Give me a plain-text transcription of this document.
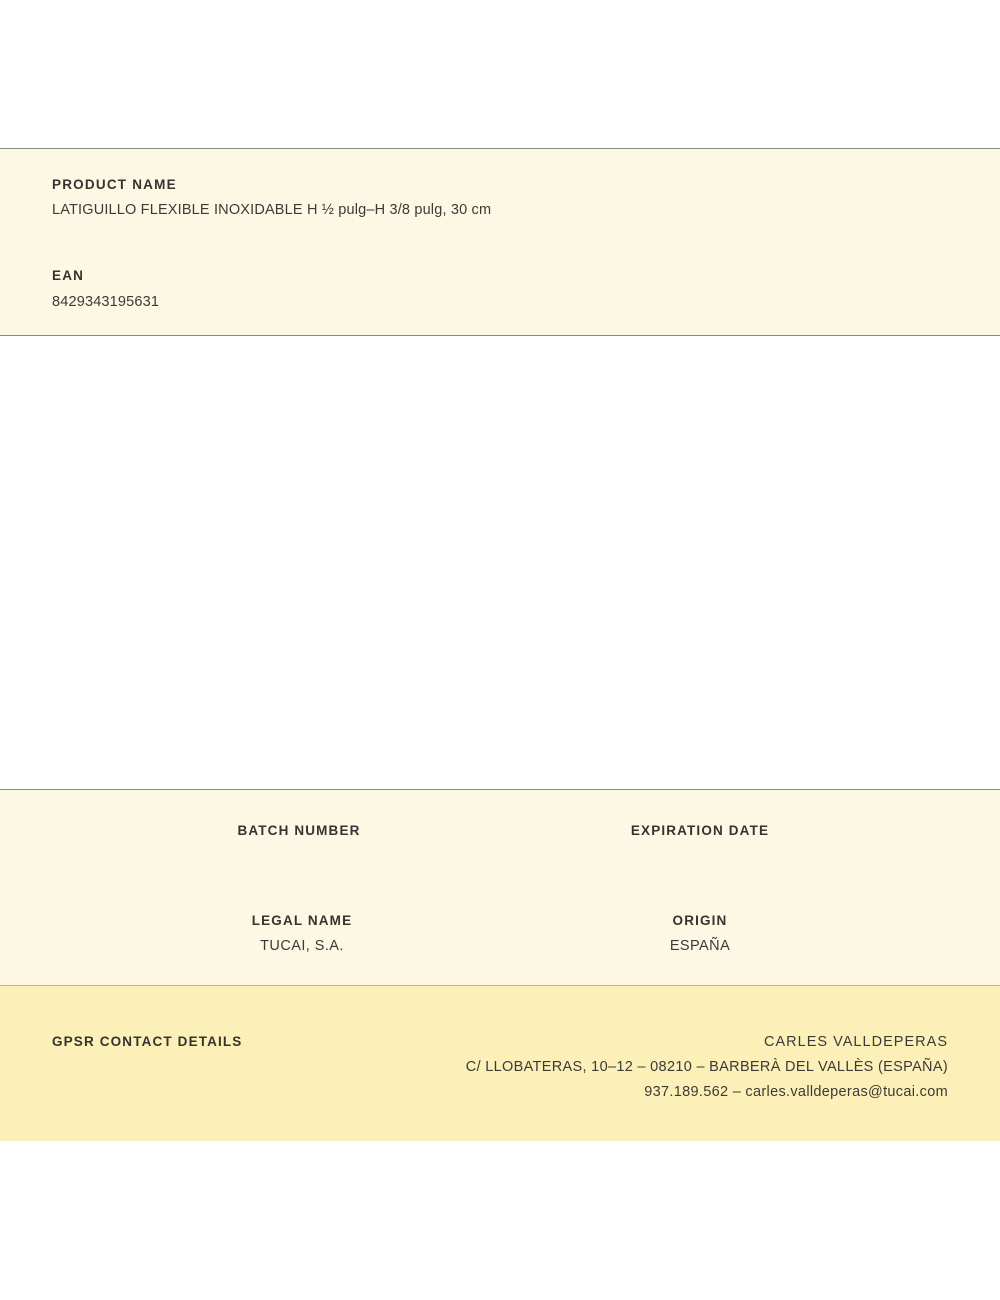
PRODUCT NAME
LATIGUILLO FLEXIBLE INOXIDABLE H ½ pulg–H 3/8 pulg, 30 cm
EAN
8429343195631
BATCH NUMBER	EXPIRATION DATE
LEGAL NAME
TUCAI, S.A.
ORIGIN
ESPAÑA
GPSR CONTACT DETAILS	CARLES VALLDEPERAS
C/ LLOBATERAS, 10–12 – 08210 – BARBERÀ DEL VALLÈS (ESPAÑA)
937.189.562 – carles.valldeperas@tucai.com
